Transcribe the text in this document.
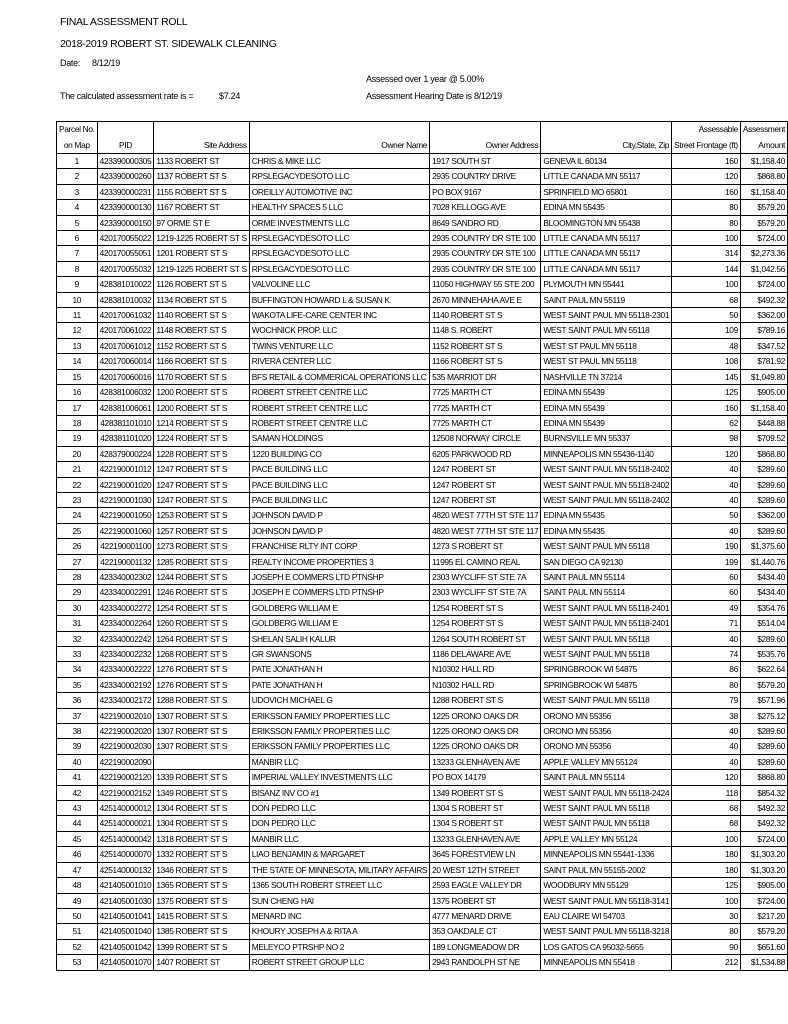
FINAL ASSESSMENT ROLL
2018-2019 ROBERT ST. SIDEWALK CLEANING
Date: 8/12/19
Assessed over 1 year @ 5.00%
The calculated assessment rate is =	$7.24	Assessment Hearing Date is 8/12/19
Parcel No.						Assessable	Assessment
on Map	PID	Site Address	Owner Name	Owner Address	City,State, Zip	Street Frontage (ft)	Amount
1	423390000305	1133 ROBERT ST	CHRIS & MIKE LLC	1917 SOUTH ST	GENEVA IL 60134	160	$1,158.40
2	423390000260	1137 ROBERT ST S	RPSLEGACYDESOTO LLC	2935 COUNTRY DRIVE	LITTLE CANADA MN 55117	120	$868.80
3	423390000231	1155 ROBERT ST S	OREILLY AUTOMOTIVE INC	PO BOX 9167	SPRINFIELD MO 65801	160	$1,158.40
4	423390000130	1167 ROBERT ST	HEALTHY SPACES 5 LLC	7028 KELLOGG AVE	EDINA MN 55435	80	$579.20
5	423390000150	97 ORME ST E	ORME INVESTMENTS LLC	8649 SANDRO RD	BLOOMINGTON MN 55438	80	$579.20
6	420170055022	1219-1225 ROBERT ST S	RPSLEGACYDESOTO LLC	2935 COUNTRY DR STE 100	LITTLE CANADA MN 55117	100	$724.00
7	420170055051	1201 ROBERT ST S	RPSLEGACYDESOTO LLC	2935 COUNTRY DR STE 100	LITTLE CANADA MN 55117	314	$2,273.36
8	420170055032	1219-1225 ROBERT ST S	RPSLEGACYDESOTO LLC	2935 COUNTRY DR STE 100	LITTLE CANADA MN 55117	144	$1,042.56
9	428381010022	1126 ROBERT ST S	VALVOLINE LLC	11050 HIGHWAY 55 STE 200	PLYMOUTH MN 55441	100	$724.00
10	428381010032	1134 ROBERT ST S	BUFFINGTON HOWARD L & SUSAN K	2670 MINNEHAHA AVE E	SAINT PAUL MN 55119	68	$492.32
11	420170061032	1140 ROBERT ST S	WAKOTA LIFE-CARE CENTER INC	1140 ROBERT ST S	WEST SAINT PAUL MN 55118-2301	50	$362.00
12	420170061022	1148 ROBERT ST S	WOCHNICK PROP. LLC	1148 S. ROBERT	WEST SAINT PAUL MN 55118	109	$789.16
13	420170061012	1152 ROBERT ST S	TWINS VENTURE LLC	1152 ROBERT ST S	WEST ST PAUL MN 55118	48	$347.52
14	420170060014	1166 ROBERT ST S	RIVERA CENTER LLC	1166 ROBERT ST S	WEST ST PAUL MN 55118	108	$781.92
15	420170060016	1170 ROBERT ST S	BFS RETAIL & COMMERICAL OPERATIONS LLC	535 MARRIOT DR	NASHVILLE TN 37214	145	$1,049.80
16	428381006032	1200 ROBERT ST S	ROBERT STREET CENTRE LLC	7725 MARTH CT	EDINA MN 55439	125	$905.00
17	428381006061	1200 ROBERT ST S	ROBERT STREET CENTRE LLC	7725 MARTH CT	EDINA MN 55439	160	$1,158.40
18	428381101010	1214 ROBERT ST S	ROBERT STREET CENTRE LLC	7725 MARTH CT	EDINA MN 55439	62	$448.88
19	428381101020	1224 ROBERT ST S	SAMAN HOLDINGS	12508 NORWAY CIRCLE	BURNSVILLE MN 55337	98	$709.52
20	428379000224	1228 ROBERT ST S	1220 BUILDING CO	6205 PARKWOOD RD	MINNEAPOLIS MN 55436-1140	120	$868.80
21	422190001012	1247 ROBERT ST S	PACE BUILDING LLC	1247 ROBERT ST	WEST SAINT PAUL MN 55118-2402	40	$289.60
22	422190001020	1247 ROBERT ST S	PACE BUILDING LLC	1247 ROBERT ST	WEST SAINT PAUL MN 55118-2402	40	$289.60
23	422190001030	1247 ROBERT ST S	PACE BUILDING LLC	1247 ROBERT ST	WEST SAINT PAUL MN 55118-2402	40	$289.60
24	422190001050	1253 ROBERT ST S	JOHNSON DAVID P	4820 WEST 77TH ST STE 117	EDINA MN 55435	50	$362.00
25	422190001060	1257 ROBERT ST S	JOHNSON DAVID P	4820 WEST 77TH ST STE 117	EDINA MN 55435	40	$289.60
26	422190001100	1273 ROBERT ST S	FRANCHISE RLTY INT CORP	1273 S ROBERT ST	WEST SAINT PAUL MN 55118	190	$1,375.60
27	422190001132	1285 ROBERT ST S	REALTY INCOME PROPERTIES 3	11995 EL CAMINO REAL	SAN DIEGO CA 92130	199	$1,440.76
28	423340002302	1244 ROBERT ST S	JOSEPH E COMMERS LTD PTNSHP	2303 WYCLIFF ST STE 7A	SAINT PAUL MN 55114	60	$434.40
29	423340002291	1246 ROBERT ST S	JOSEPH E COMMERS LTD PTNSHP	2303 WYCLIFF ST STE 7A	SAINT PAUL MN 55114	60	$434.40
30	423340002272	1254 ROBERT ST S	GOLDBERG WILLIAM E	1254 ROBERT ST S	WEST SAINT PAUL MN 55118-2401	49	$354.76
31	423340002264	1260 ROBERT ST S	GOLDBERG WILLIAM E	1254 ROBERT ST S	WEST SAINT PAUL MN 55118-2401	71	$514.04
32	423340002242	1264 ROBERT ST S	SHELAN SALIH KALUR	1264 SOUTH ROBERT ST	WEST SAINT PAUL MN 55118	40	$289.60
33	423340002232	1268 ROBERT ST S	GR SWANSONS	1186 DELAWARE AVE	WEST SAINT PAUL MN 55118	74	$535.76
34	423340002222	1276 ROBERT ST S	PATE JONATHAN H	N10302 HALL RD	SPRINGBROOK WI 54875	86	$622.64
35	423340002192	1276 ROBERT ST S	PATE JONATHAN H	N10302 HALL RD	SPRINGBROOK WI 54875	80	$579.20
36	423340002172	1288 ROBERT ST S	UDOVICH MICHAEL G	1288 ROBERT ST S	WEST SAINT PAUL MN 55118	79	$571.96
37	422190002010	1307 ROBERT ST S	ERIKSSON FAMILY PROPERTIES LLC	1225 ORONO OAKS DR	ORONO MN 55356	38	$275.12
38	422190002020	1307 ROBERT ST S	ERIKSSON FAMILY PROPERTIES LLC	1225 ORONO OAKS DR	ORONO MN 55356	40	$289.60
39	422190002030	1307 ROBERT ST S	ERIKSSON FAMILY PROPERTIES LLC	1225 ORONO OAKS DR	ORONO MN 55356	40	$289.60
40	422190002090		MANBIR LLC	13233 GLENHAVEN AVE	APPLE VALLEY MN 55124	40	$289.60
41	422190002120	1339 ROBERT ST S	IMPERIAL VALLEY INVESTMENTS LLC	PO BOX 14179	SAINT PAUL MN 55114	120	$868.80
42	422190002152	1349 ROBERT ST S	BISANZ INV CO #1	1349 ROBERT ST S	WEST SAINT PAUL MN 55118-2424	118	$854.32
43	425140000012	1304 ROBERT ST S	DON PEDRO LLC	1304 S ROBERT ST	WEST SAINT PAUL MN 55118	68	$492.32
44	425140000021	1304 ROBERT ST S	DON PEDRO LLC	1304 S ROBERT ST	WEST SAINT PAUL MN 55118	68	$492.32
45	425140000042	1318 ROBERT ST S	MANBIR LLC	13233 GLENHAVEN AVE	APPLE VALLEY MN 55124	100	$724.00
46	425140000070	1332 ROBERT ST S	LIAO BENJAMIN & MARGARET	3645 FORESTVIEW LN	MINNEAPOLIS MN 55441-1336	180	$1,303.20
47	425140000132	1346 ROBERT ST S	THE STATE OF MINNESOTA, MILITARY AFFAIRS	20 WEST 12TH STREET	SAINT PAUL MN 55155-2002	180	$1,303.20
48	421405001010	1365 ROBERT ST S	1365 SOUTH ROBERT STREET LLC	2593 EAGLE VALLEY DR	WOODBURY MN 55129	125	$905.00
49	421405001030	1375 ROBERT ST S	SUN CHENG HAI	1375 ROBERT ST	WEST SAINT PAUL MN 55118-3141	100	$724.00
50	421405001041	1415 ROBERT ST S	MENARD INC	4777 MENARD DRIVE	EAU CLAIRE WI 54703	30	$217.20
51	421405001040	1385 ROBERT ST S	KHOURY JOSEPH A & RITA A	353 OAKDALE CT	WEST SAINT PAUL MN 55118-3218	80	$579.20
52	421405001042	1399 ROBERT ST S	MELEYCO PTRSHP NO 2	189 LONGMEADOW DR	LOS GATOS CA 95032-5655	90	$651.60
53	421405001070	1407 ROBERT ST	ROBERT STREET GROUP LLC	2943 RANDOLPH ST NE	MINNEAPOLIS MN 55418	212	$1,534.88
